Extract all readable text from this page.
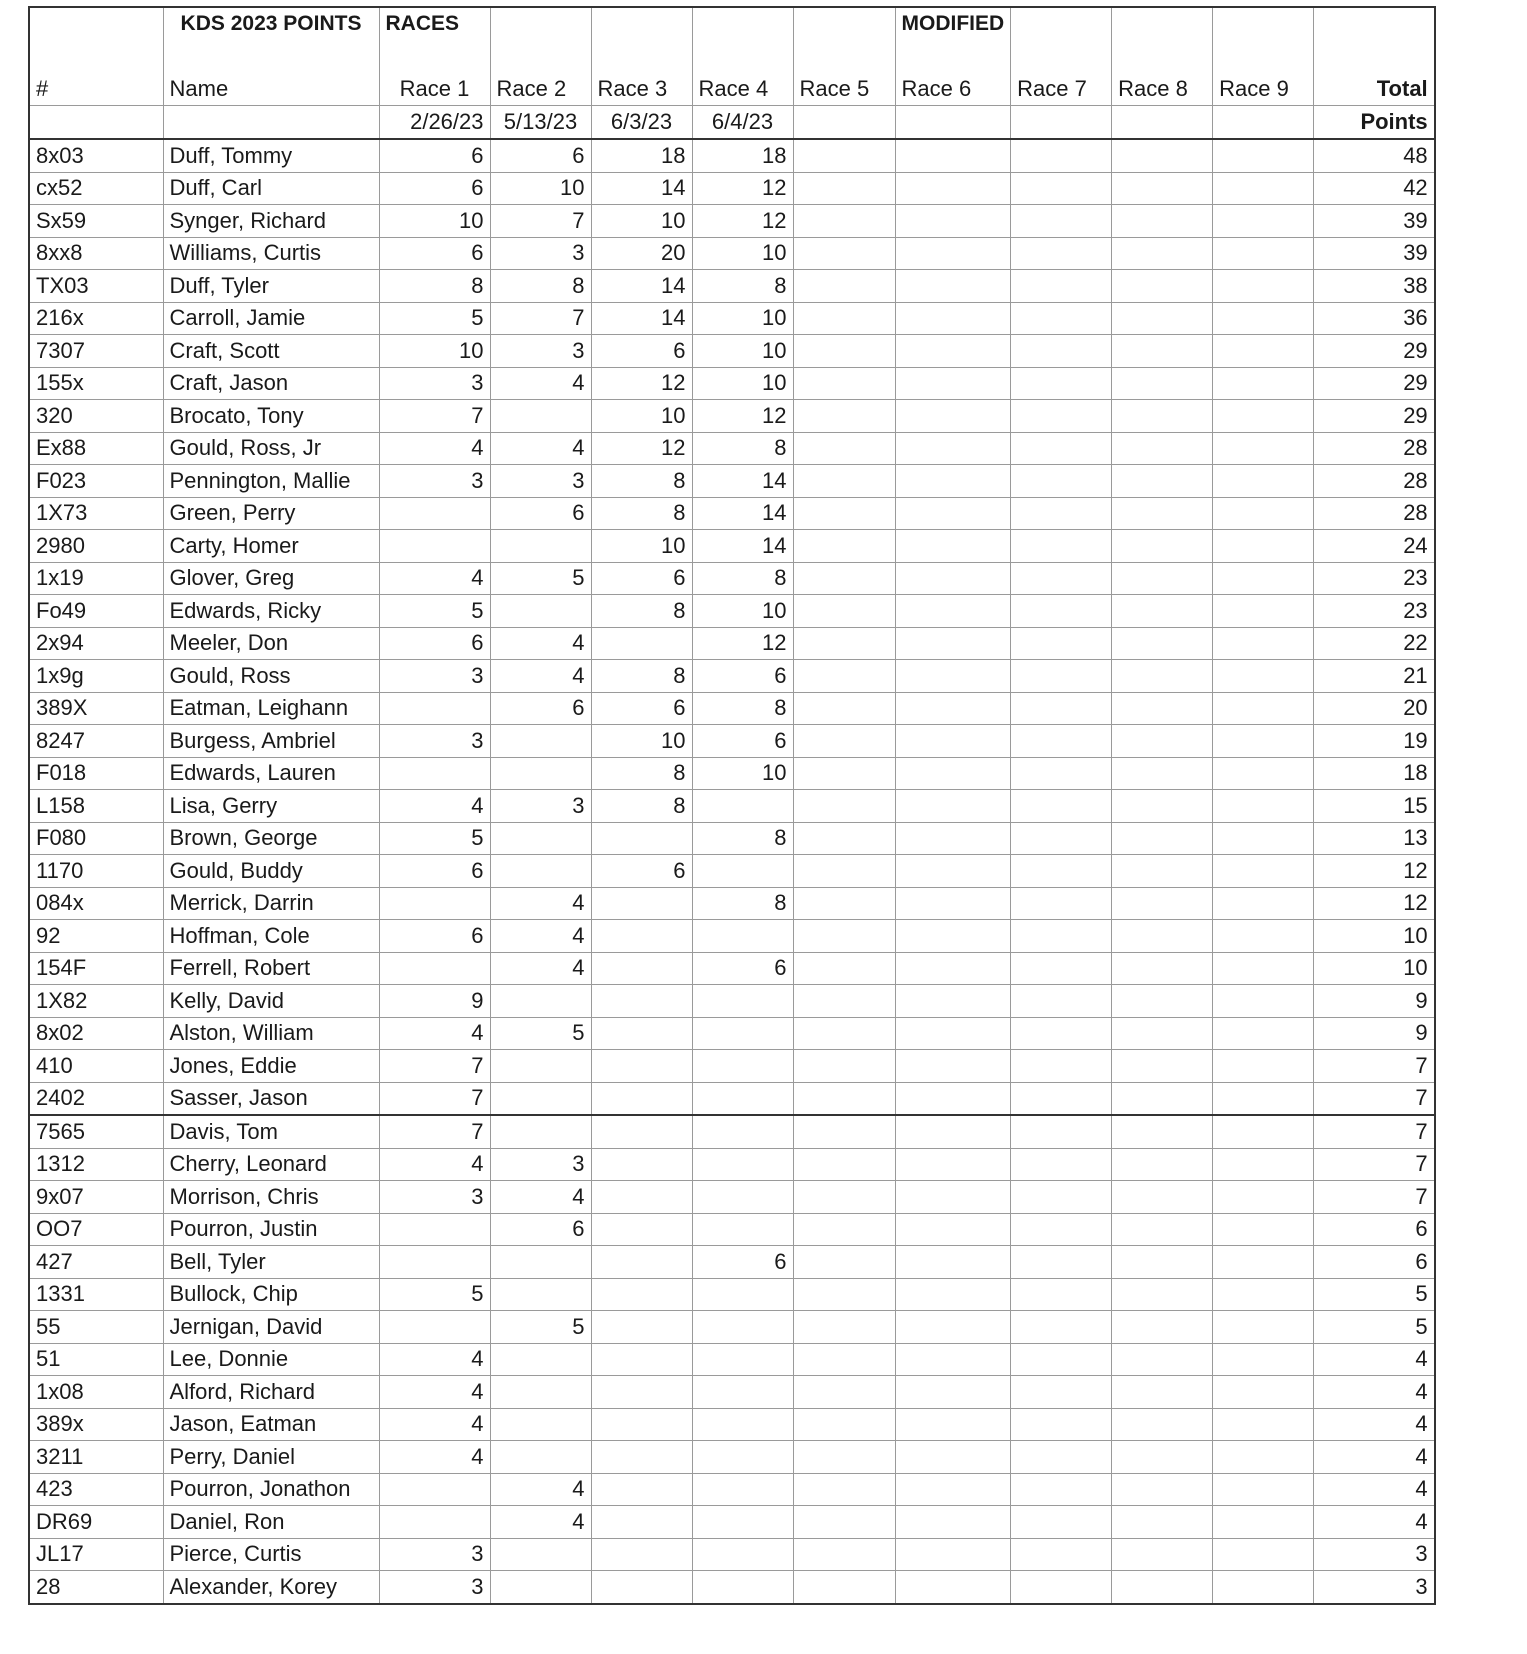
	KDS 2023 POINTS	RACES					MODIFIED				

#	Name	Race 1	Race 2	Race 3	Race 4	Race 5	Race 6	Race 7	Race 8	Race 9	Total
		2/26/23	5/13/23	6/3/23	6/4/23						Points
8x03	Duff, Tommy	6	6	18	18						48
cx52	Duff, Carl	6	10	14	12						42
Sx59	Synger, Richard	10	7	10	12						39
8xx8	Williams, Curtis	6	3	20	10						39
TX03	Duff, Tyler	8	8	14	8						38
216x	Carroll, Jamie	5	7	14	10						36
7307	Craft, Scott	10	3	6	10						29
155x	Craft, Jason	3	4	12	10						29
320	Brocato, Tony	7		10	12						29
Ex88	Gould, Ross, Jr	4	4	12	8						28
F023	Pennington, Mallie	3	3	8	14						28
1X73	Green, Perry		6	8	14						28
2980	Carty, Homer			10	14						24
1x19	Glover, Greg	4	5	6	8						23
Fo49	Edwards, Ricky	5		8	10						23
2x94	Meeler, Don	6	4		12						22
1x9g	Gould, Ross	3	4	8	6						21
389X	Eatman, Leighann		6	6	8						20
8247	Burgess, Ambriel	3		10	6						19
F018	Edwards, Lauren			8	10						18
L158	Lisa, Gerry	4	3	8							15
F080	Brown, George	5			8						13
1170	Gould, Buddy	6		6							12
084x	Merrick, Darrin		4		8						12
92	Hoffman, Cole	6	4								10
154F	Ferrell, Robert		4		6						10
1X82	Kelly, David	9									9
8x02	Alston, William	4	5								9
410	Jones, Eddie	7									7
2402	Sasser, Jason	7									7
7565	Davis, Tom	7									7
1312	Cherry, Leonard	4	3								7
9x07	Morrison, Chris	3	4								7
OO7	Pourron, Justin		6								6
427	Bell, Tyler				6						6
1331	Bullock, Chip	5									5
55	Jernigan, David		5								5
51	Lee, Donnie	4									4
1x08	Alford, Richard	4									4
389x	Jason, Eatman	4									4
3211	Perry, Daniel	4									4
423	Pourron, Jonathon		4								4
DR69	Daniel, Ron		4								4
JL17	Pierce, Curtis	3									3
28	Alexander, Korey	3									3
